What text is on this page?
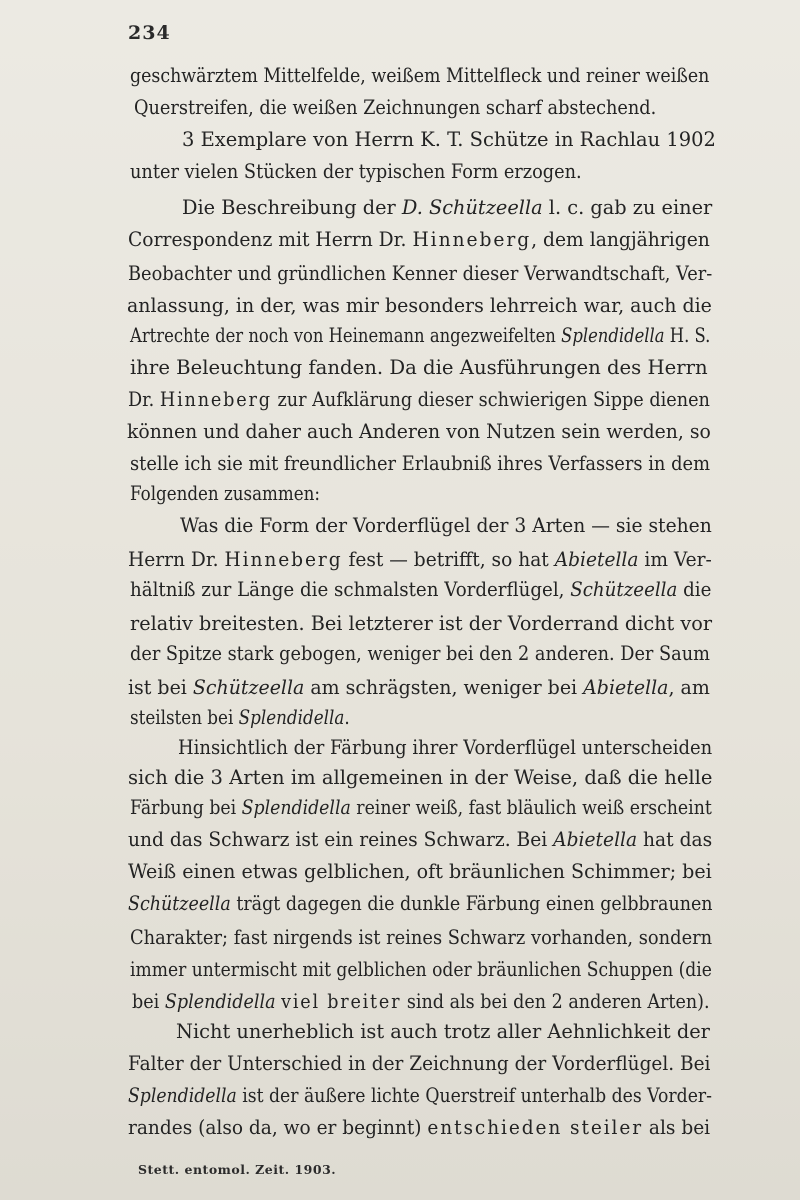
234
geschwärztem Mittelfelde, weißem Mittelfleck und reiner weißen
Querstreifen, die weißen Zeichnungen scharf abstechend.
3 Exemplare von Herrn K. T. Schütze in Rachlau 1902
unter vielen Stücken der typischen Form erzogen.
Die Beschreibung der D. Schützeella l. c. gab zu einer
Correspondenz mit Herrn Dr. Hinneberg, dem langjährigen
Beobachter und gründlichen Kenner dieser Verwandtschaft, Ver-
anlassung, in der, was mir besonders lehrreich war, auch die
Artrechte der noch von Heinemann angezweifelten Splendidella H. S.
ihre Beleuchtung fanden. Da die Ausführungen des Herrn
Dr. Hinneberg zur Aufklärung dieser schwierigen Sippe dienen
können und daher auch Anderen von Nutzen sein werden, so
stelle ich sie mit freundlicher Erlaubniß ihres Verfassers in dem
Folgenden zusammen:
Was die Form der Vorderflügel der 3 Arten — sie stehen
Herrn Dr. Hinneberg fest — betrifft, so hat Abietella im Ver-
hältniß zur Länge die schmalsten Vorderflügel, Schützeella die
relativ breitesten. Bei letzterer ist der Vorderrand dicht vor
der Spitze stark gebogen, weniger bei den 2 anderen. Der Saum
ist bei Schützeella am schrägsten, weniger bei Abietella, am
steilsten bei Splendidella.
Hinsichtlich der Färbung ihrer Vorderflügel unterscheiden
sich die 3 Arten im allgemeinen in der Weise, daß die helle
Färbung bei Splendidella reiner weiß, fast bläulich weiß erscheint
und das Schwarz ist ein reines Schwarz. Bei Abietella hat das
Weiß einen etwas gelblichen, oft bräunlichen Schimmer; bei
Schützeella trägt dagegen die dunkle Färbung einen gelbbraunen
Charakter; fast nirgends ist reines Schwarz vorhanden, sondern
immer untermischt mit gelblichen oder bräunlichen Schuppen (die
bei Splendidella viel breiter sind als bei den 2 anderen Arten).
Nicht unerheblich ist auch trotz aller Aehnlichkeit der
Falter der Unterschied in der Zeichnung der Vorderflügel. Bei
Splendidella ist der äußere lichte Querstreif unterhalb des Vorder-
randes (also da, wo er beginnt) entschieden steiler als bei
Stett. entomol. Zeit. 1903.
